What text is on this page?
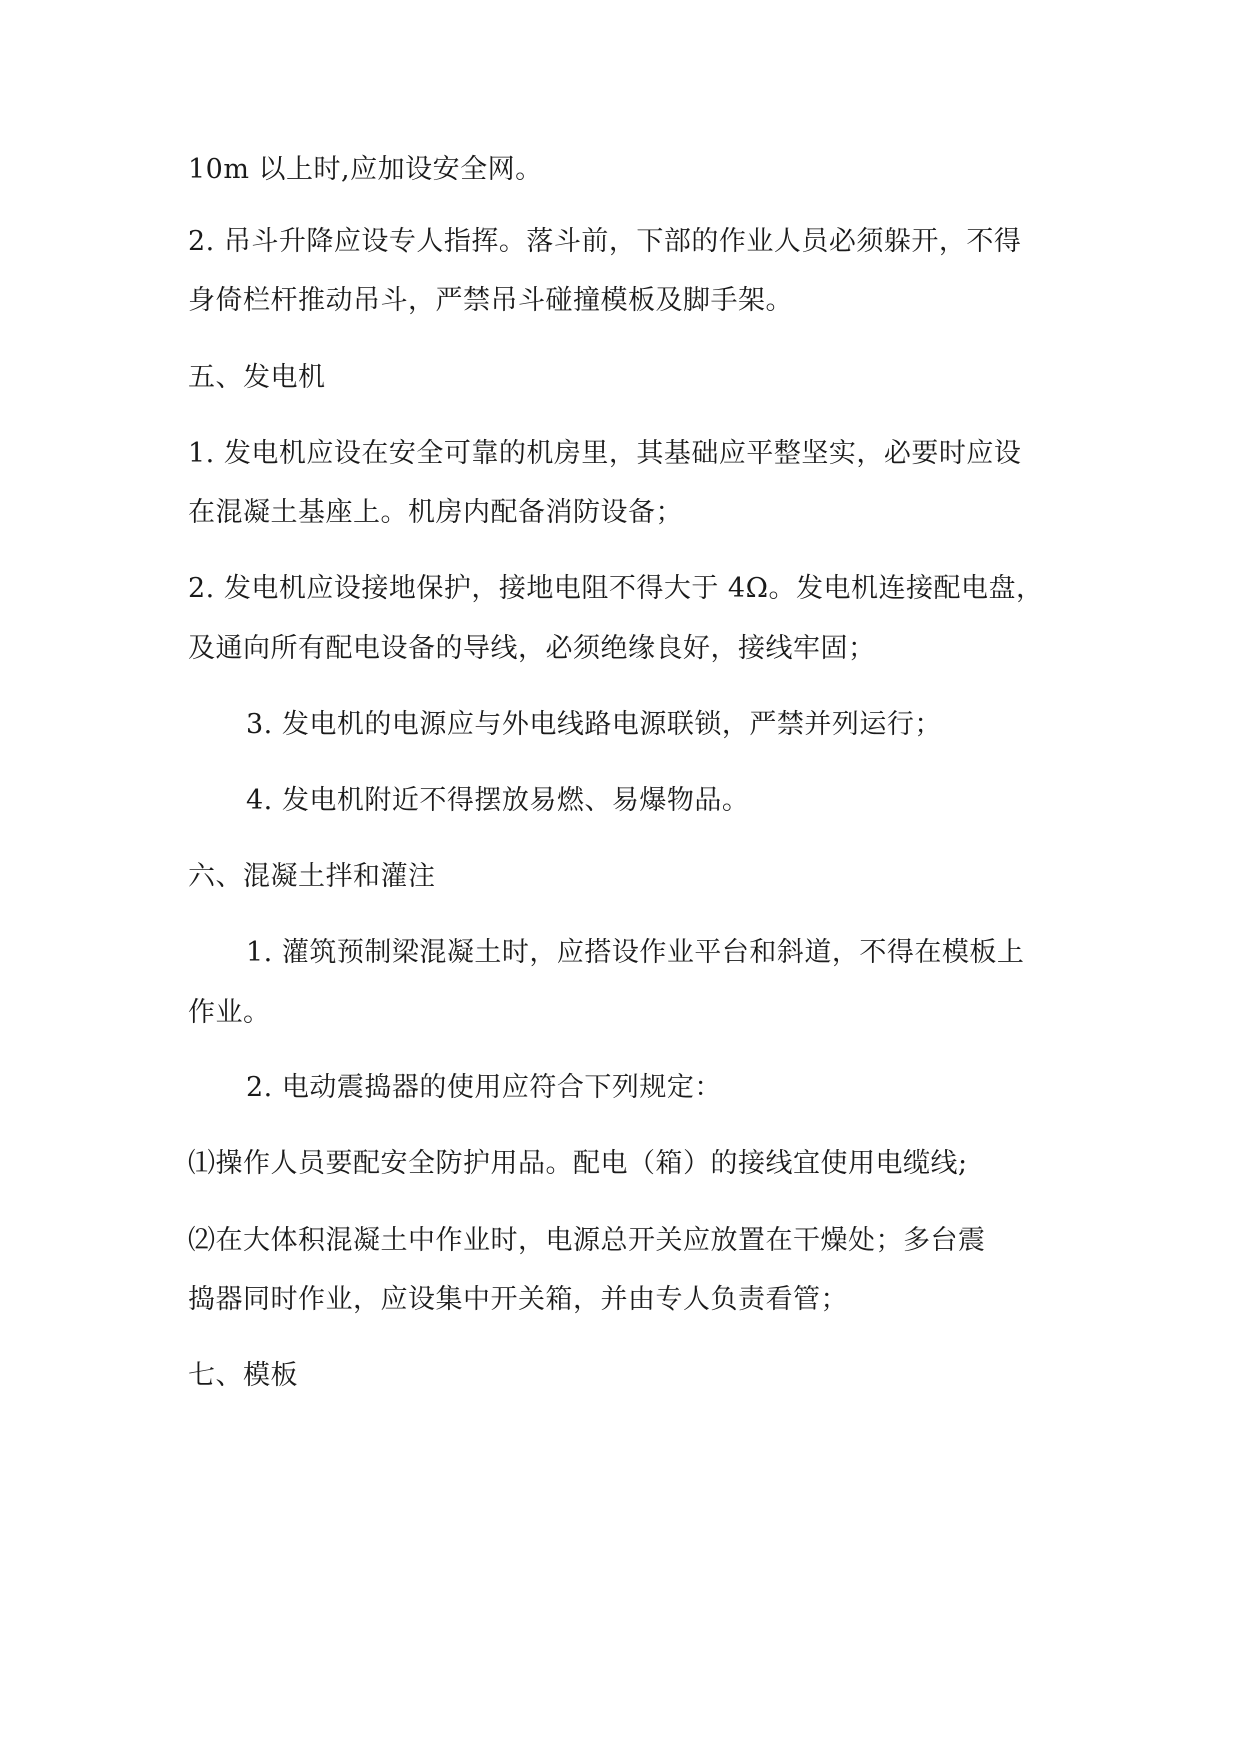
10m 以上时,应加设安全网。

2. 吊斗升降应设专人指挥。落斗前，下部的作业人员必须躲开，不得

身倚栏杆推动吊斗，严禁吊斗碰撞模板及脚手架。

五、发电机

1. 发电机应设在安全可靠的机房里，其基础应平整坚实，必要时应设

在混凝土基座上。机房内配备消防设备；

2. 发电机应设接地保护，接地电阻不得大于 4Ω。发电机连接配电盘，

及通向所有配电设备的导线，必须绝缘良好，接线牢固；

3. 发电机的电源应与外电线路电源联锁，严禁并列运行；

4. 发电机附近不得摆放易燃、易爆物品。

六、混凝土拌和灌注

1. 灌筑预制梁混凝土时，应搭设作业平台和斜道，不得在模板上

作业。

2. 电动震捣器的使用应符合下列规定：

⑴操作人员要配安全防护用品。配电（箱）的接线宜使用电缆线;

⑵在大体积混凝土中作业时，电源总开关应放置在干燥处；多台震

捣器同时作业，应设集中开关箱，并由专人负责看管；

七、模板
